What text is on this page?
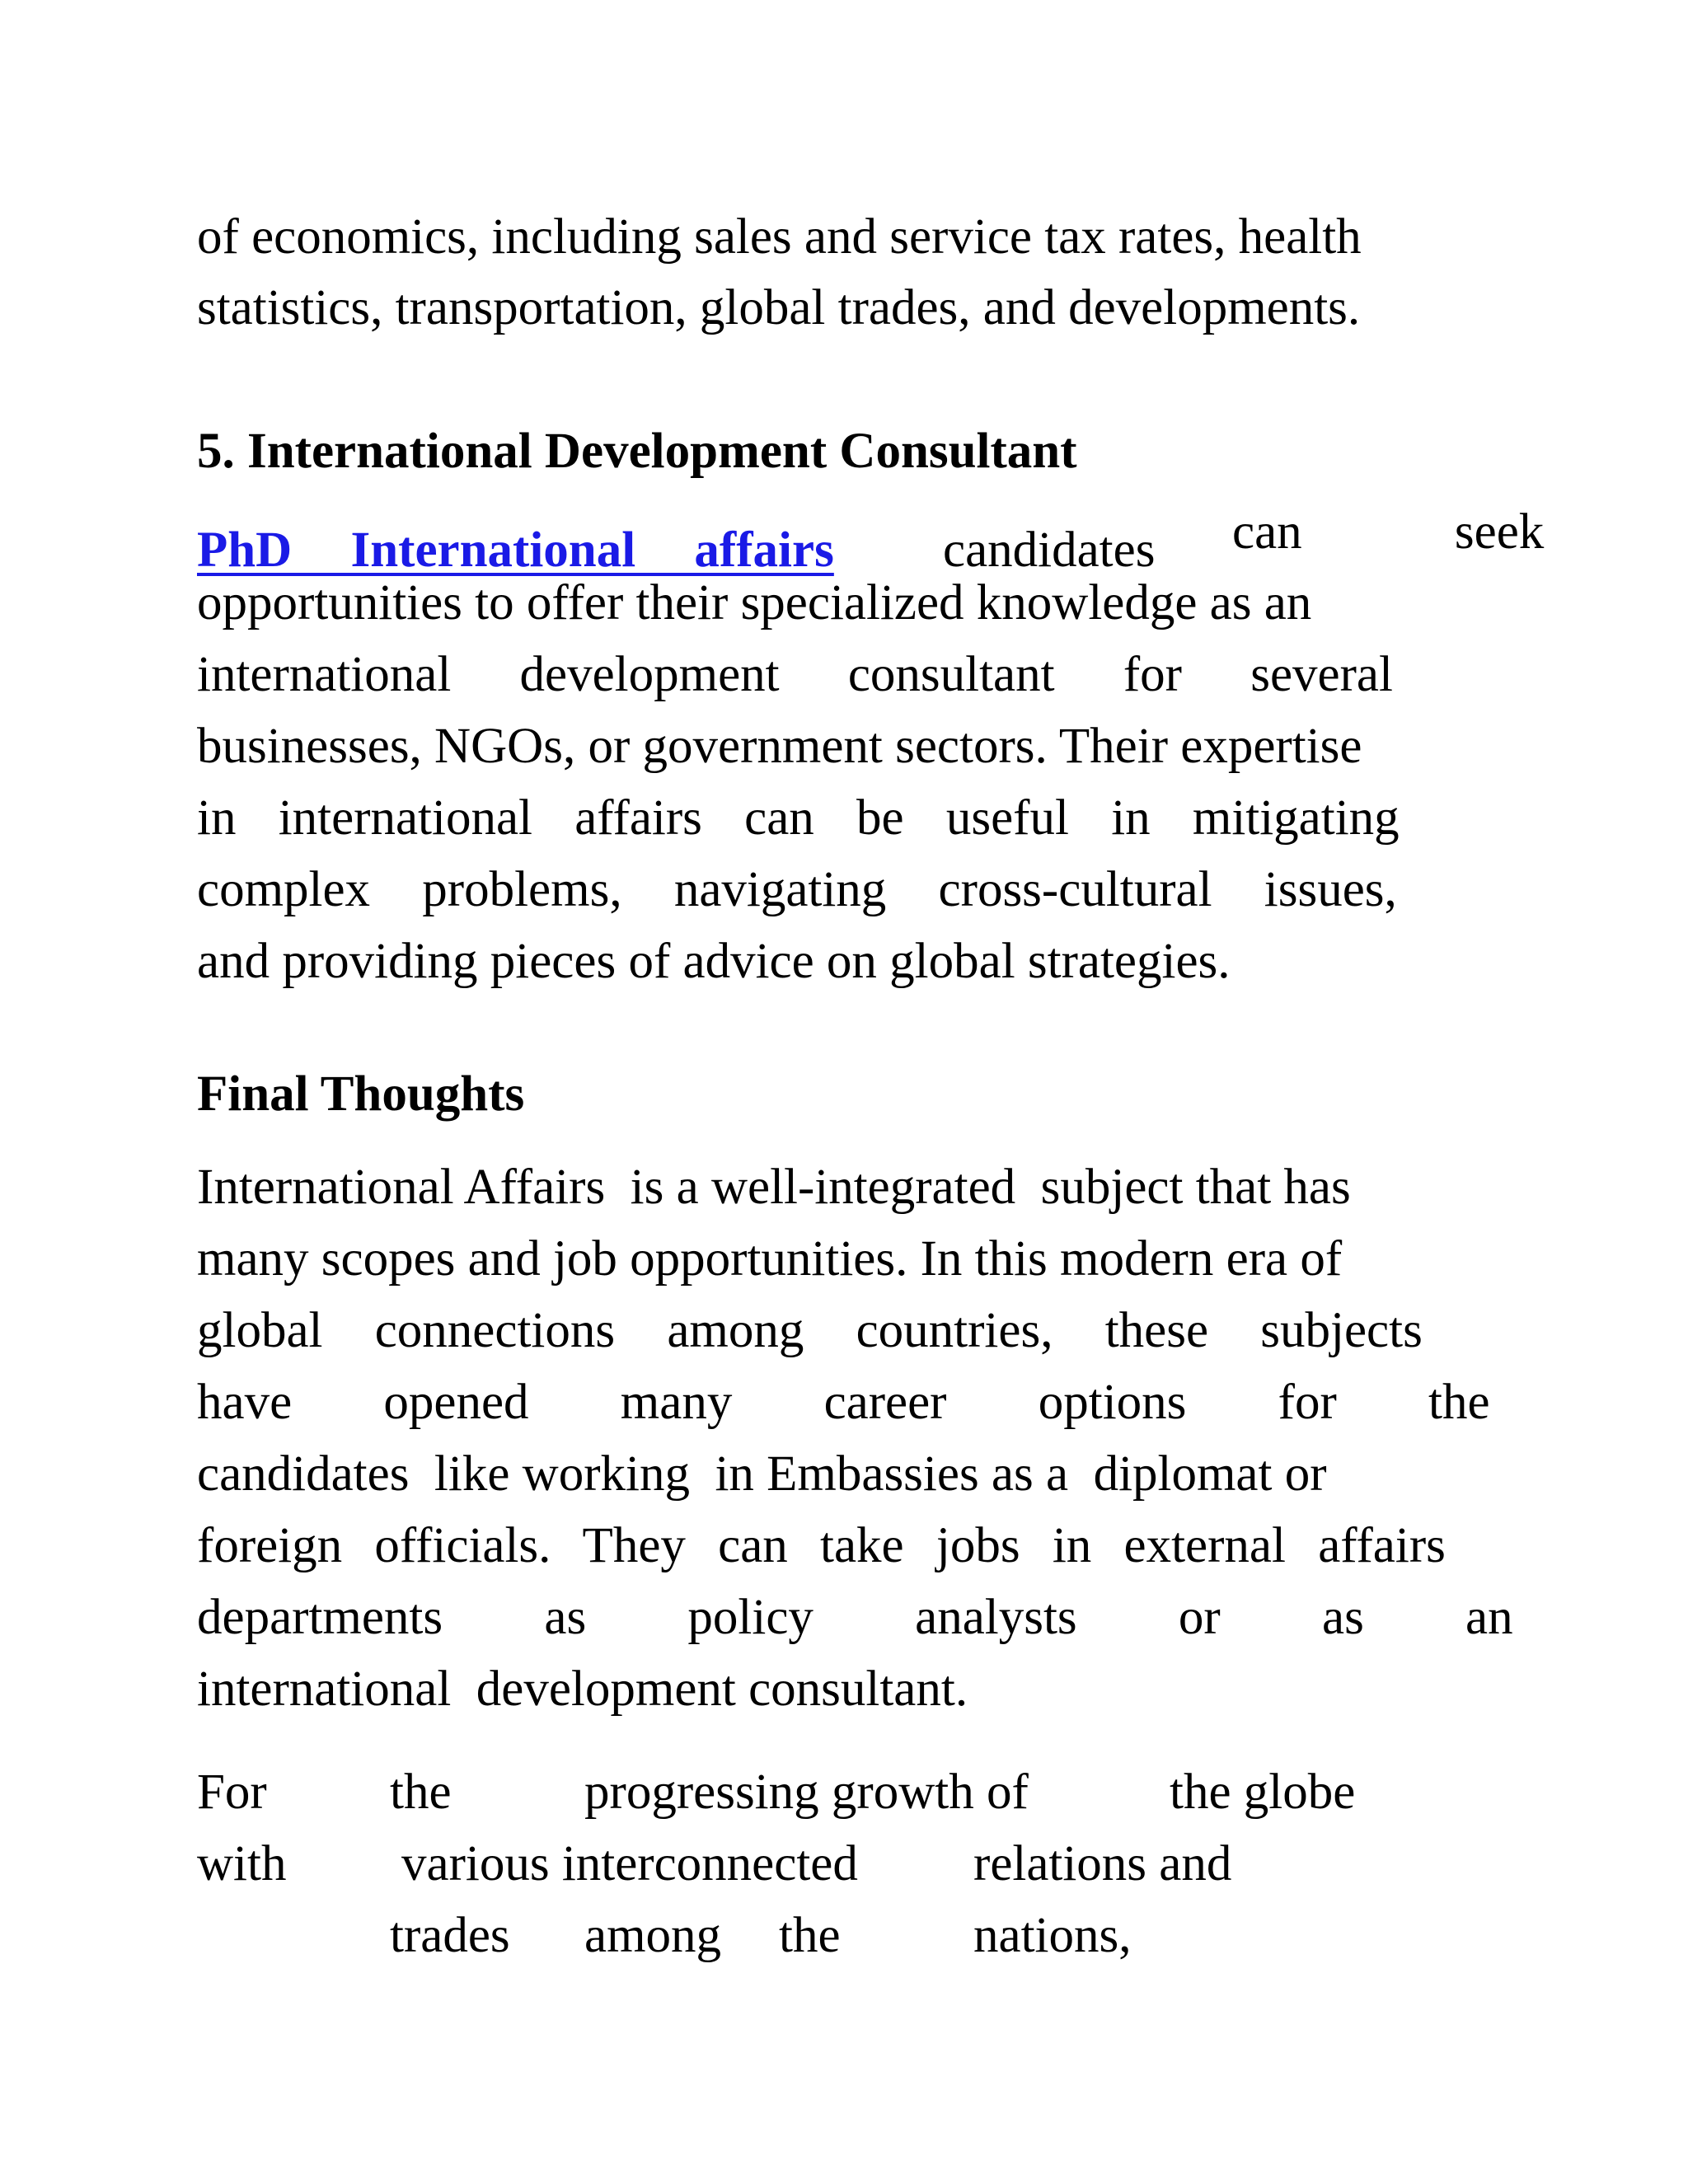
of economics, including sales and service tax rates, health
statistics, transportation, global trades, and developments.
5. International Development Consultant
PhD International affairs candidates can	seek
opportunities to offer their specialized knowledge as an
international development consultant for several
businesses, NGOs, or government sectors. Their expertise
in international affairs can be useful in mitigating
complex problems, navigating cross-cultural issues,
and providing pieces of advice on global strategies.
Final Thoughts
International Affairs  is a well-integrated  subject that has
many scopes and job opportunities. In this modern era of
global connections among countries, these subjects
have opened many career options for the
candidates  like working  in Embassies as a  diplomat or
foreign officials. They can take jobs in external affairs
departments as policy analysts or as an
international  development consultant.
For the	progressing growth of	the globe
with various interconnected relations and
trades among the	nations,
